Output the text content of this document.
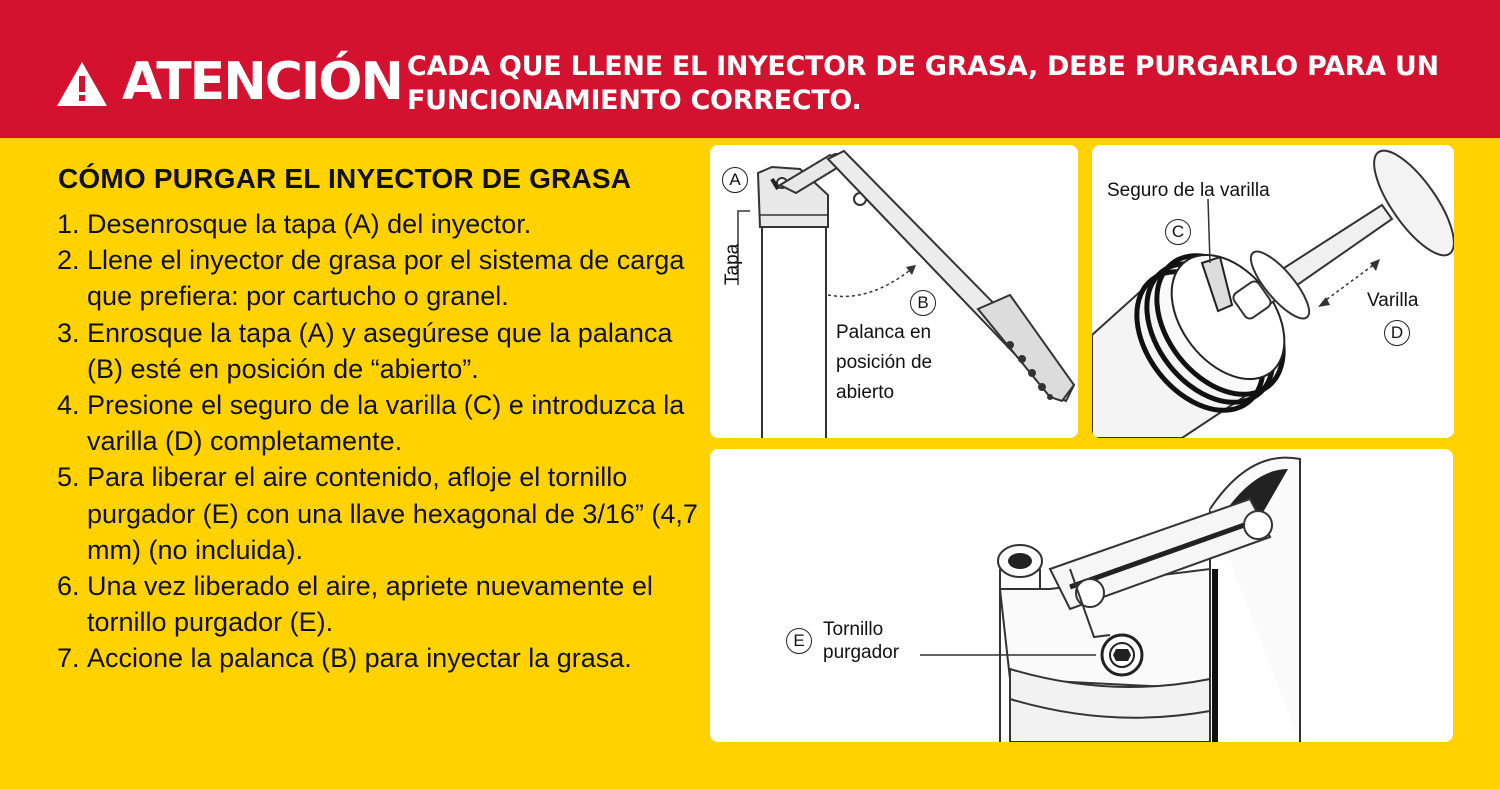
ATENCIÓN CADA QUE LLENE EL INYECTOR DE GRASA, DEBE PURGARLO PARA UN FUNCIONAMIENTO CORRECTO.
CÓMO PURGAR EL INYECTOR DE GRASA
1. Desenrosque la tapa (A) del inyector.
2. Llene el inyector de grasa por el sistema de carga que prefiera: por cartucho o granel.
3. Enrosque la tapa (A) y asegúrese que la palanca (B) esté en posición de “abierto”.
4. Presione el seguro de la varilla (C) e introduzca la varilla (D) completamente.
5. Para liberar el aire contenido, afloje el tornillo purgador (E) con una llave hexagonal de 3/16” (4,7 mm) (no incluida).
6. Una vez liberado el aire, apriete nuevamente el tornillo purgador (E).
7. Accione la palanca (B) para inyectar la grasa.
A
Tapa
B
Palanca en
posición de
abierto
Seguro de la varilla
C
Varilla
D
E
Tornillo
purgador
